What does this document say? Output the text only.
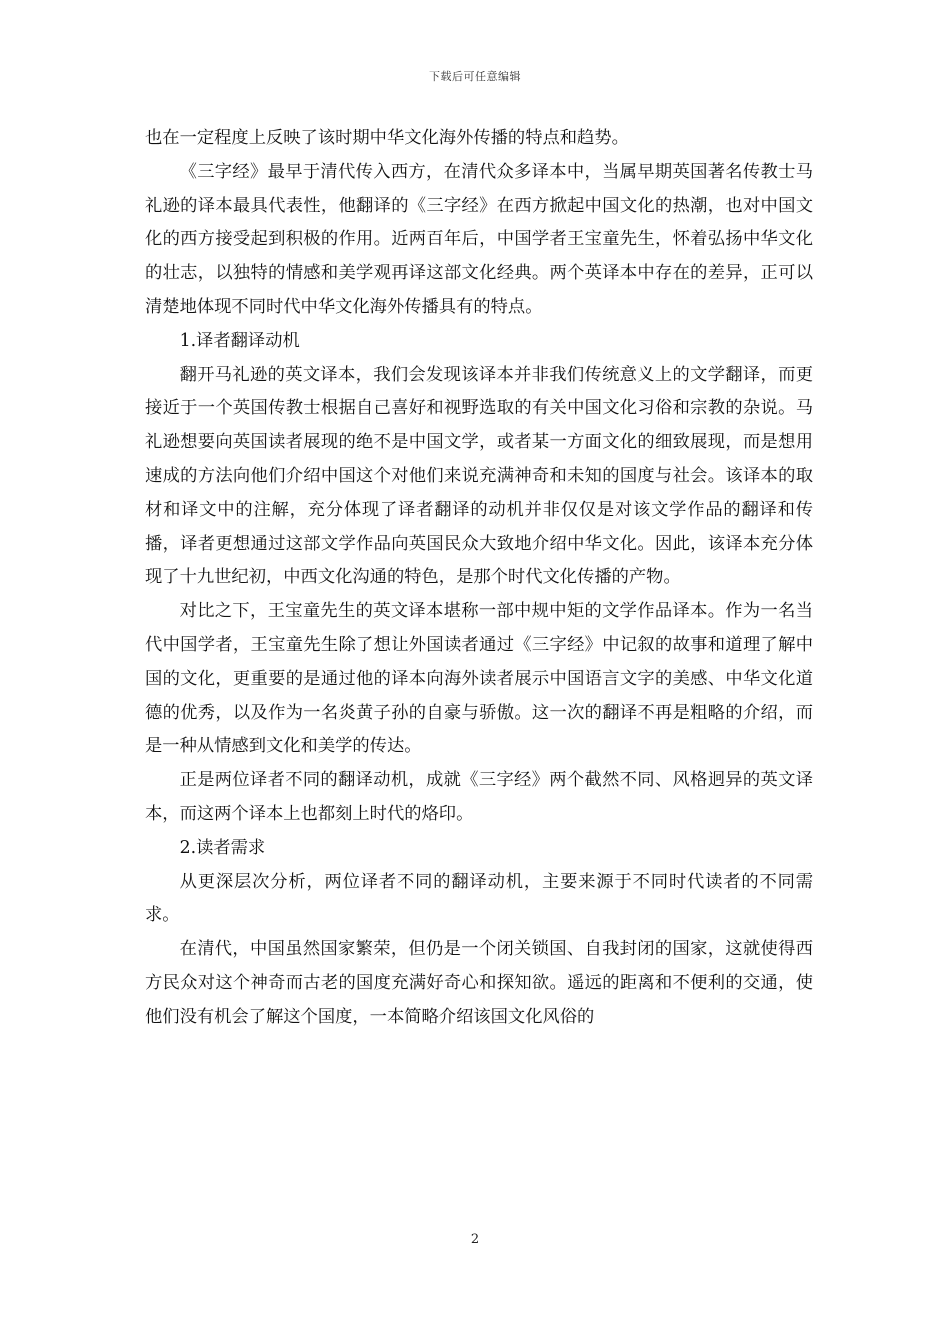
下载后可任意编辑

也在一定程度上反映了该时期中华文化海外传播的特点和趋势。

《三字经》最早于清代传入西方，在清代众多译本中，当属早期英国著名传教士马礼逊的译本最具代表性，他翻译的《三字经》在西方掀起中国文化的热潮，也对中国文化的西方接受起到积极的作用。近两百年后，中国学者王宝童先生，怀着弘扬中华文化的壮志，以独特的情感和美学观再译这部文化经典。两个英译本中存在的差异，正可以清楚地体现不同时代中华文化海外传播具有的特点。

1.译者翻译动机

翻开马礼逊的英文译本，我们会发现该译本并非我们传统意义上的文学翻译，而更接近于一个英国传教士根据自己喜好和视野选取的有关中国文化习俗和宗教的杂说。马礼逊想要向英国读者展现的绝不是中国文学，或者某一方面文化的细致展现，而是想用速成的方法向他们介绍中国这个对他们来说充满神奇和未知的国度与社会。该译本的取材和译文中的注解，充分体现了译者翻译的动机并非仅仅是对该文学作品的翻译和传播，译者更想通过这部文学作品向英国民众大致地介绍中华文化。因此，该译本充分体现了十九世纪初，中西文化沟通的特色，是那个时代文化传播的产物。

对比之下，王宝童先生的英文译本堪称一部中规中矩的文学作品译本。作为一名当代中国学者，王宝童先生除了想让外国读者通过《三字经》中记叙的故事和道理了解中国的文化，更重要的是通过他的译本向海外读者展示中国语言文字的美感、中华文化道德的优秀，以及作为一名炎黄子孙的自豪与骄傲。这一次的翻译不再是粗略的介绍，而是一种从情感到文化和美学的传达。

正是两位译者不同的翻译动机，成就《三字经》两个截然不同、风格迥异的英文译本，而这两个译本上也都刻上时代的烙印。

2.读者需求

从更深层次分析，两位译者不同的翻译动机，主要来源于不同时代读者的不同需求。

在清代，中国虽然国家繁荣，但仍是一个闭关锁国、自我封闭的国家，这就使得西方民众对这个神奇而古老的国度充满好奇心和探知欲。遥远的距离和不便利的交通，使他们没有机会了解这个国度，一本简略介绍该国文化风俗的

2
